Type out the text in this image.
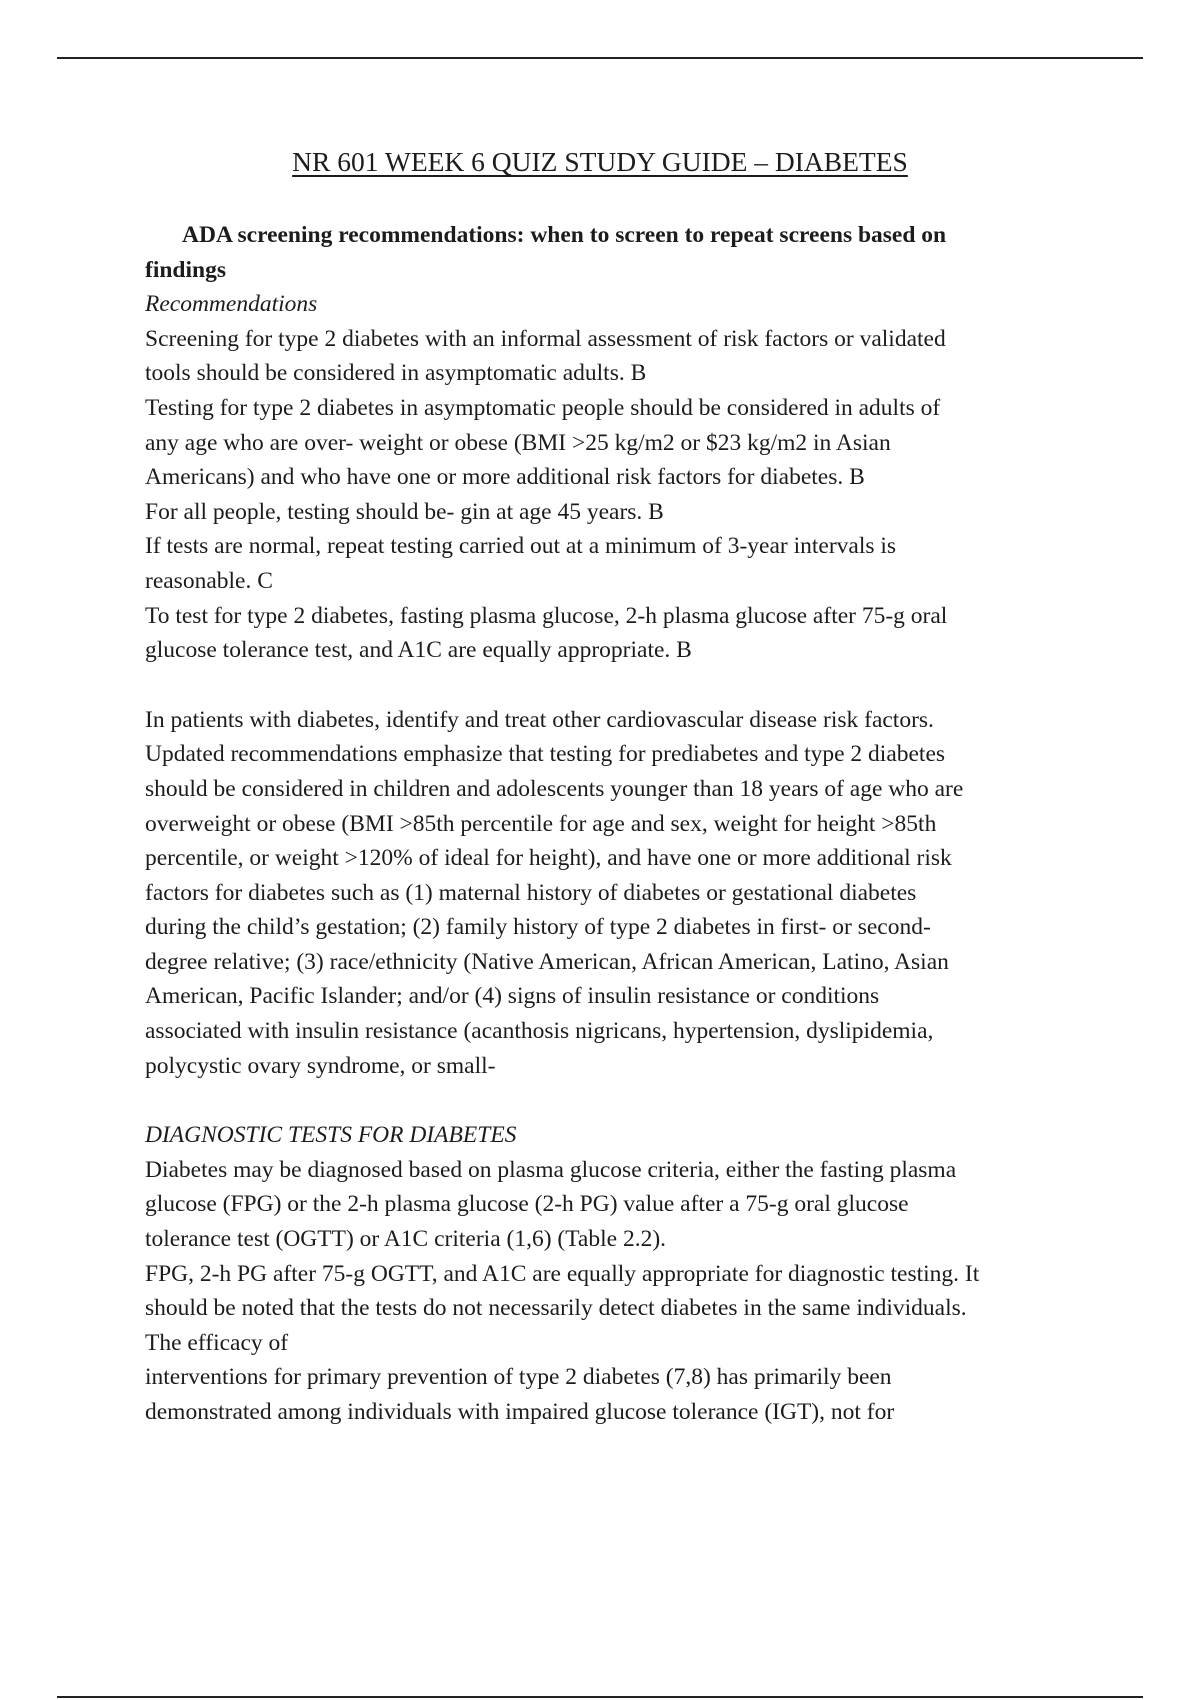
NR 601 WEEK 6 QUIZ STUDY GUIDE – DIABETES
ADA screening recommendations: when to screen to repeat screens based on
findings
Recommendations
Screening for type 2 diabetes with an informal assessment of risk factors or validated
tools should be considered in asymptomatic adults. B
Testing for type 2 diabetes in asymptomatic people should be considered in adults of
any age who are over- weight or obese (BMI >25 kg/m2 or $23 kg/m2 in Asian
Americans) and who have one or more additional risk factors for diabetes. B
For all people, testing should be- gin at age 45 years. B
If tests are normal, repeat testing carried out at a minimum of 3-year intervals is
reasonable. C
To test for type 2 diabetes, fasting plasma glucose, 2-h plasma glucose after 75-g oral
glucose tolerance test, and A1C are equally appropriate. B
In patients with diabetes, identify and treat other cardiovascular disease risk factors.
Updated recommendations emphasize that testing for prediabetes and type 2 diabetes
should be considered in children and adolescents younger than 18 years of age who are
overweight or obese (BMI >85th percentile for age and sex, weight for height >85th
percentile, or weight >120% of ideal for height), and have one or more additional risk
factors for diabetes such as (1) maternal history of diabetes or gestational diabetes
during the child’s gestation; (2) family history of type 2 diabetes in first- or second-
degree relative; (3) race/ethnicity (Native American, African American, Latino, Asian
American, Pacific Islander; and/or (4) signs of insulin resistance or conditions
associated with insulin resistance (acanthosis nigricans, hypertension, dyslipidemia,
polycystic ovary syndrome, or small-
DIAGNOSTIC TESTS FOR DIABETES
Diabetes may be diagnosed based on plasma glucose criteria, either the fasting plasma
glucose (FPG) or the 2-h plasma glucose (2-h PG) value after a 75-g oral glucose
tolerance test (OGTT) or A1C criteria (1,6) (Table 2.2).
FPG, 2-h PG after 75-g OGTT, and A1C are equally appropriate for diagnostic testing. It
should be noted that the tests do not necessarily detect diabetes in the same individuals.
The efficacy of
interventions for primary prevention of type 2 diabetes (7,8) has primarily been
demonstrated among individuals with impaired glucose tolerance (IGT), not for
